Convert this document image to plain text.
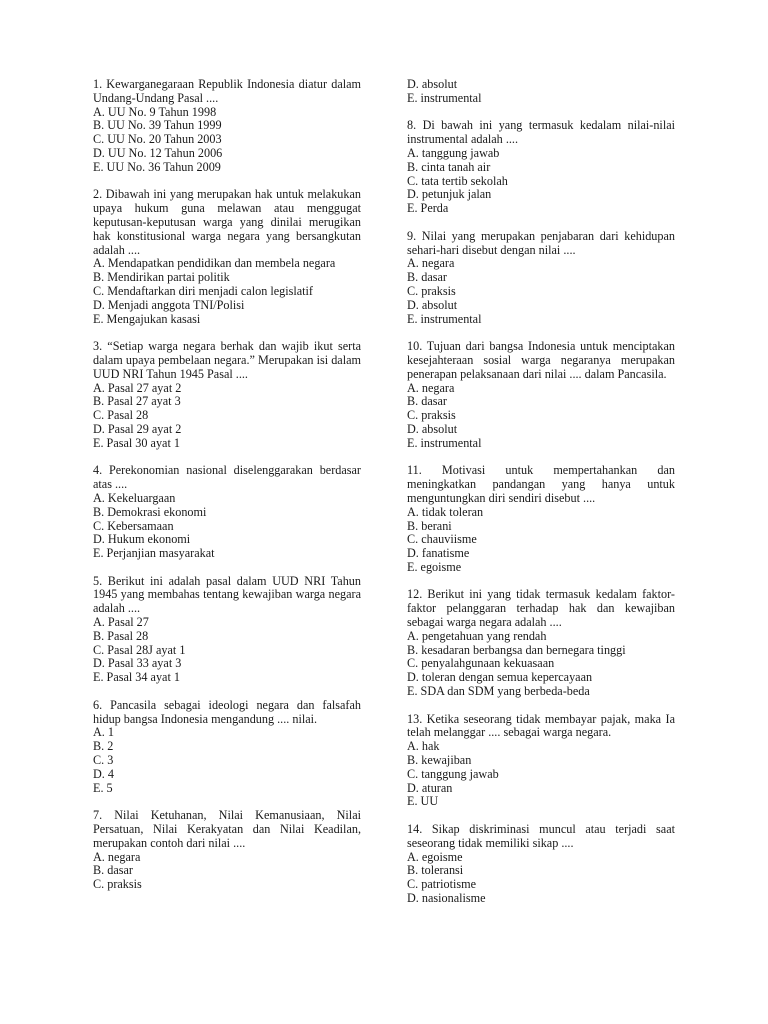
1. Kewarganegaraan Republik Indonesia diatur dalam Undang-Undang Pasal ....
A. UU No. 9 Tahun 1998
B. UU No. 39 Tahun 1999
C. UU No. 20 Tahun 2003
D. UU No. 12 Tahun 2006
E. UU No. 36 Tahun 2009
2. Dibawah ini yang merupakan hak untuk melakukan upaya hukum guna melawan atau menggugat keputusan-keputusan warga yang dinilai merugikan hak konstitusional warga negara yang bersangkutan adalah ....
A. Mendapatkan pendidikan dan membela negara
B. Mendirikan partai politik
C. Mendaftarkan diri menjadi calon legislatif
D. Menjadi anggota TNI/Polisi
E. Mengajukan kasasi
3. “Setiap warga negara berhak dan wajib ikut serta dalam upaya pembelaan negara.” Merupakan isi dalam UUD NRI Tahun 1945 Pasal ....
A. Pasal 27 ayat 2
B. Pasal 27 ayat 3
C. Pasal 28
D. Pasal 29 ayat 2
E. Pasal 30 ayat 1
4. Perekonomian nasional diselenggarakan berdasar atas ....
A. Kekeluargaan
B. Demokrasi ekonomi
C. Kebersamaan
D. Hukum ekonomi
E. Perjanjian masyarakat
5. Berikut ini adalah pasal dalam UUD NRI Tahun 1945 yang membahas tentang kewajiban warga negara adalah ....
A. Pasal 27
B. Pasal 28
C. Pasal 28J ayat 1
D. Pasal 33 ayat 3
E. Pasal 34 ayat 1
6. Pancasila sebagai ideologi negara dan falsafah hidup bangsa Indonesia mengandung .... nilai.
A. 1
B. 2
C. 3
D. 4
E. 5
7. Nilai Ketuhanan, Nilai Kemanusiaan, Nilai Persatuan, Nilai Kerakyatan dan Nilai Keadilan, merupakan contoh dari nilai ....
A. negara
B. dasar
C. praksis
D. absolut
E. instrumental
8. Di bawah ini yang termasuk kedalam nilai-nilai instrumental adalah ....
A. tanggung jawab
B. cinta tanah air
C. tata tertib sekolah
D. petunjuk jalan
E. Perda
9. Nilai yang merupakan penjabaran dari kehidupan sehari-hari disebut dengan nilai ....
A. negara
B. dasar
C. praksis
D. absolut
E. instrumental
10. Tujuan dari bangsa Indonesia untuk menciptakan kesejahteraan sosial warga negaranya merupakan penerapan pelaksanaan dari nilai .... dalam Pancasila.
A. negara
B. dasar
C. praksis
D. absolut
E. instrumental
11. Motivasi untuk mempertahankan dan meningkatkan pandangan yang hanya untuk menguntungkan diri sendiri disebut ....
A. tidak toleran
B. berani
C. chauviisme
D. fanatisme
E. egoisme
12. Berikut ini yang tidak termasuk kedalam faktor-faktor pelanggaran terhadap hak dan kewajiban sebagai warga negara adalah ....
A. pengetahuan yang rendah
B. kesadaran berbangsa dan bernegara tinggi
C. penyalahgunaan kekuasaan
D. toleran dengan semua kepercayaan
E. SDA dan SDM yang berbeda-beda
13. Ketika seseorang tidak membayar pajak, maka Ia telah melanggar .... sebagai warga negara.
A. hak
B. kewajiban
C. tanggung jawab
D. aturan
E. UU
14. Sikap diskriminasi muncul atau terjadi saat seseorang tidak memiliki sikap ....
A. egoisme
B. toleransi
C. patriotisme
D. nasionalisme
